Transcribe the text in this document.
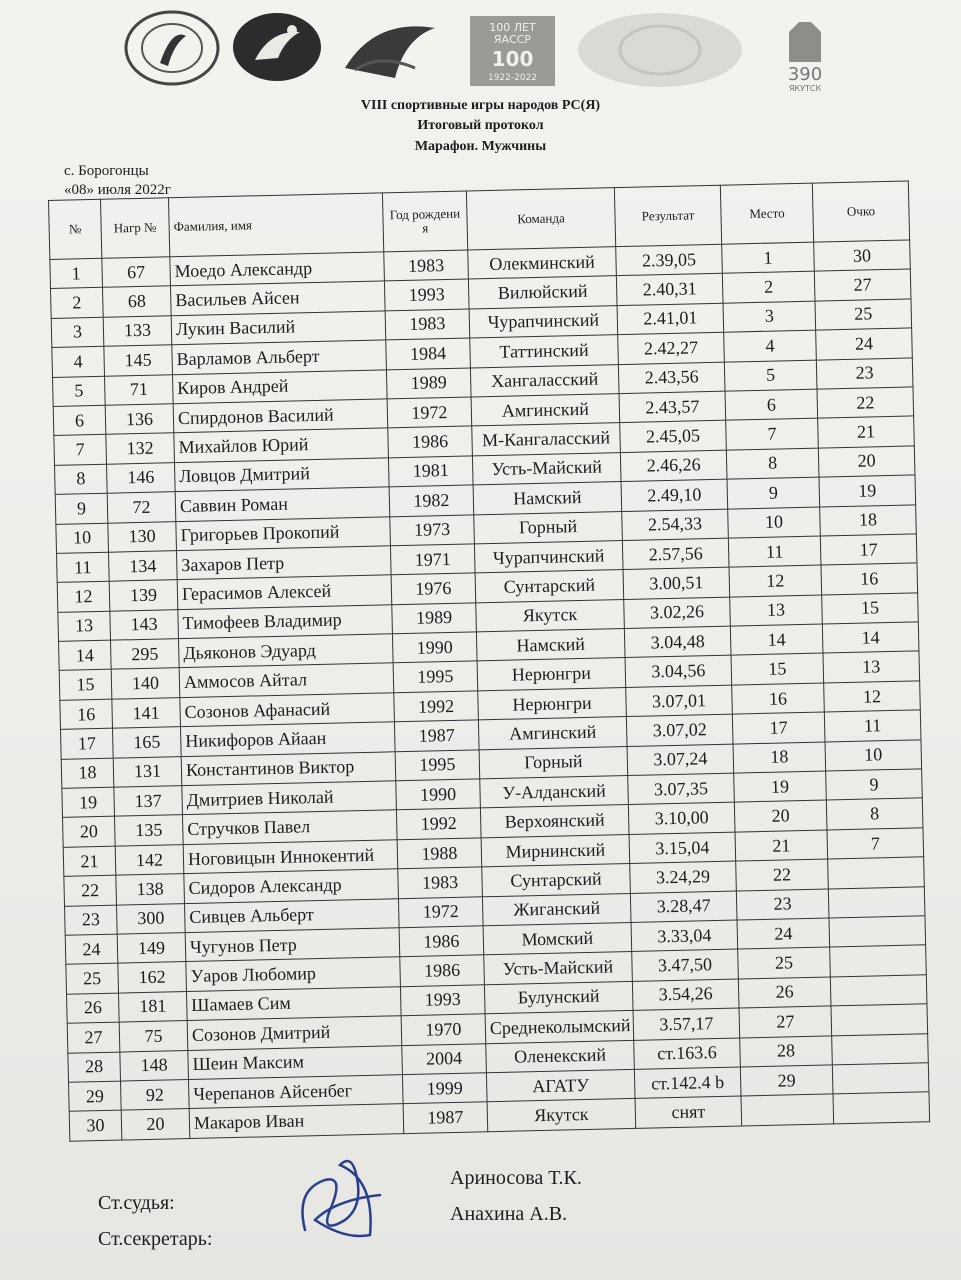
100 ЛЕТ ЯАССР
100
1922-2022	390
ЯКУТСК
VIII спортивные игры народов РС(Я)
Итоговый протокол
Марафон. Мужчины
с. Борогонцы
«08» июля 2022г
№	Нагр №	Фамилия, имя	Год рождения	Команда	Результат	Место	Очко
1	67	Моедо Александр	1983	Олекминский	2.39,05	1	30
2	68	Васильев Айсен	1993	Вилюйский	2.40,31	2	27
3	133	Лукин Василий	1983	Чурапчинский	2.41,01	3	25
4	145	Варламов Альберт	1984	Таттинский	2.42,27	4	24
5	71	Киров Андрей	1989	Хангаласский	2.43,56	5	23
6	136	Спирдонов Василий	1972	Амгинский	2.43,57	6	22
7	132	Михайлов Юрий	1986	М-Кангаласский	2.45,05	7	21
8	146	Ловцов Дмитрий	1981	Усть-Майский	2.46,26	8	20
9	72	Саввин Роман	1982	Намский	2.49,10	9	19
10	130	Григорьев Прокопий	1973	Горный	2.54,33	10	18
11	134	Захаров Петр	1971	Чурапчинский	2.57,56	11	17
12	139	Герасимов Алексей	1976	Сунтарский	3.00,51	12	16
13	143	Тимофеев Владимир	1989	Якутск	3.02,26	13	15
14	295	Дьяконов Эдуард	1990	Намский	3.04,48	14	14
15	140	Аммосов Айтал	1995	Нерюнгри	3.04,56	15	13
16	141	Созонов Афанасий	1992	Нерюнгри	3.07,01	16	12
17	165	Никифоров Айаан	1987	Амгинский	3.07,02	17	11
18	131	Константинов Виктор	1995	Горный	3.07,24	18	10
19	137	Дмитриев Николай	1990	У-Алданский	3.07,35	19	9
20	135	Стручков Павел	1992	Верхоянский	3.10,00	20	8
21	142	Ноговицын Иннокентий	1988	Мирнинский	3.15,04	21	7
22	138	Сидоров Александр	1983	Сунтарский	3.24,29	22	
23	300	Сивцев Альберт	1972	Жиганский	3.28,47	23	
24	149	Чугунов Петр	1986	Момский	3.33,04	24	
25	162	Уаров Любомир	1986	Усть-Майский	3.47,50	25	
26	181	Шамаев Сим	1993	Булунский	3.54,26	26	
27	75	Созонов Дмитрий	1970	Среднеколымский	3.57,17	27	
28	148	Шеин Максим	2004	Оленекский	ст.163.6	28	
29	92	Черепанов Айсенбег	1999	АГАТУ	ст.142.4 b	29	
30	20	Макаров Иван	1987	Якутск	снят		
Ст.судья:
Ст.секретарь:
Ариносова Т.К.
Анахина А.В.
